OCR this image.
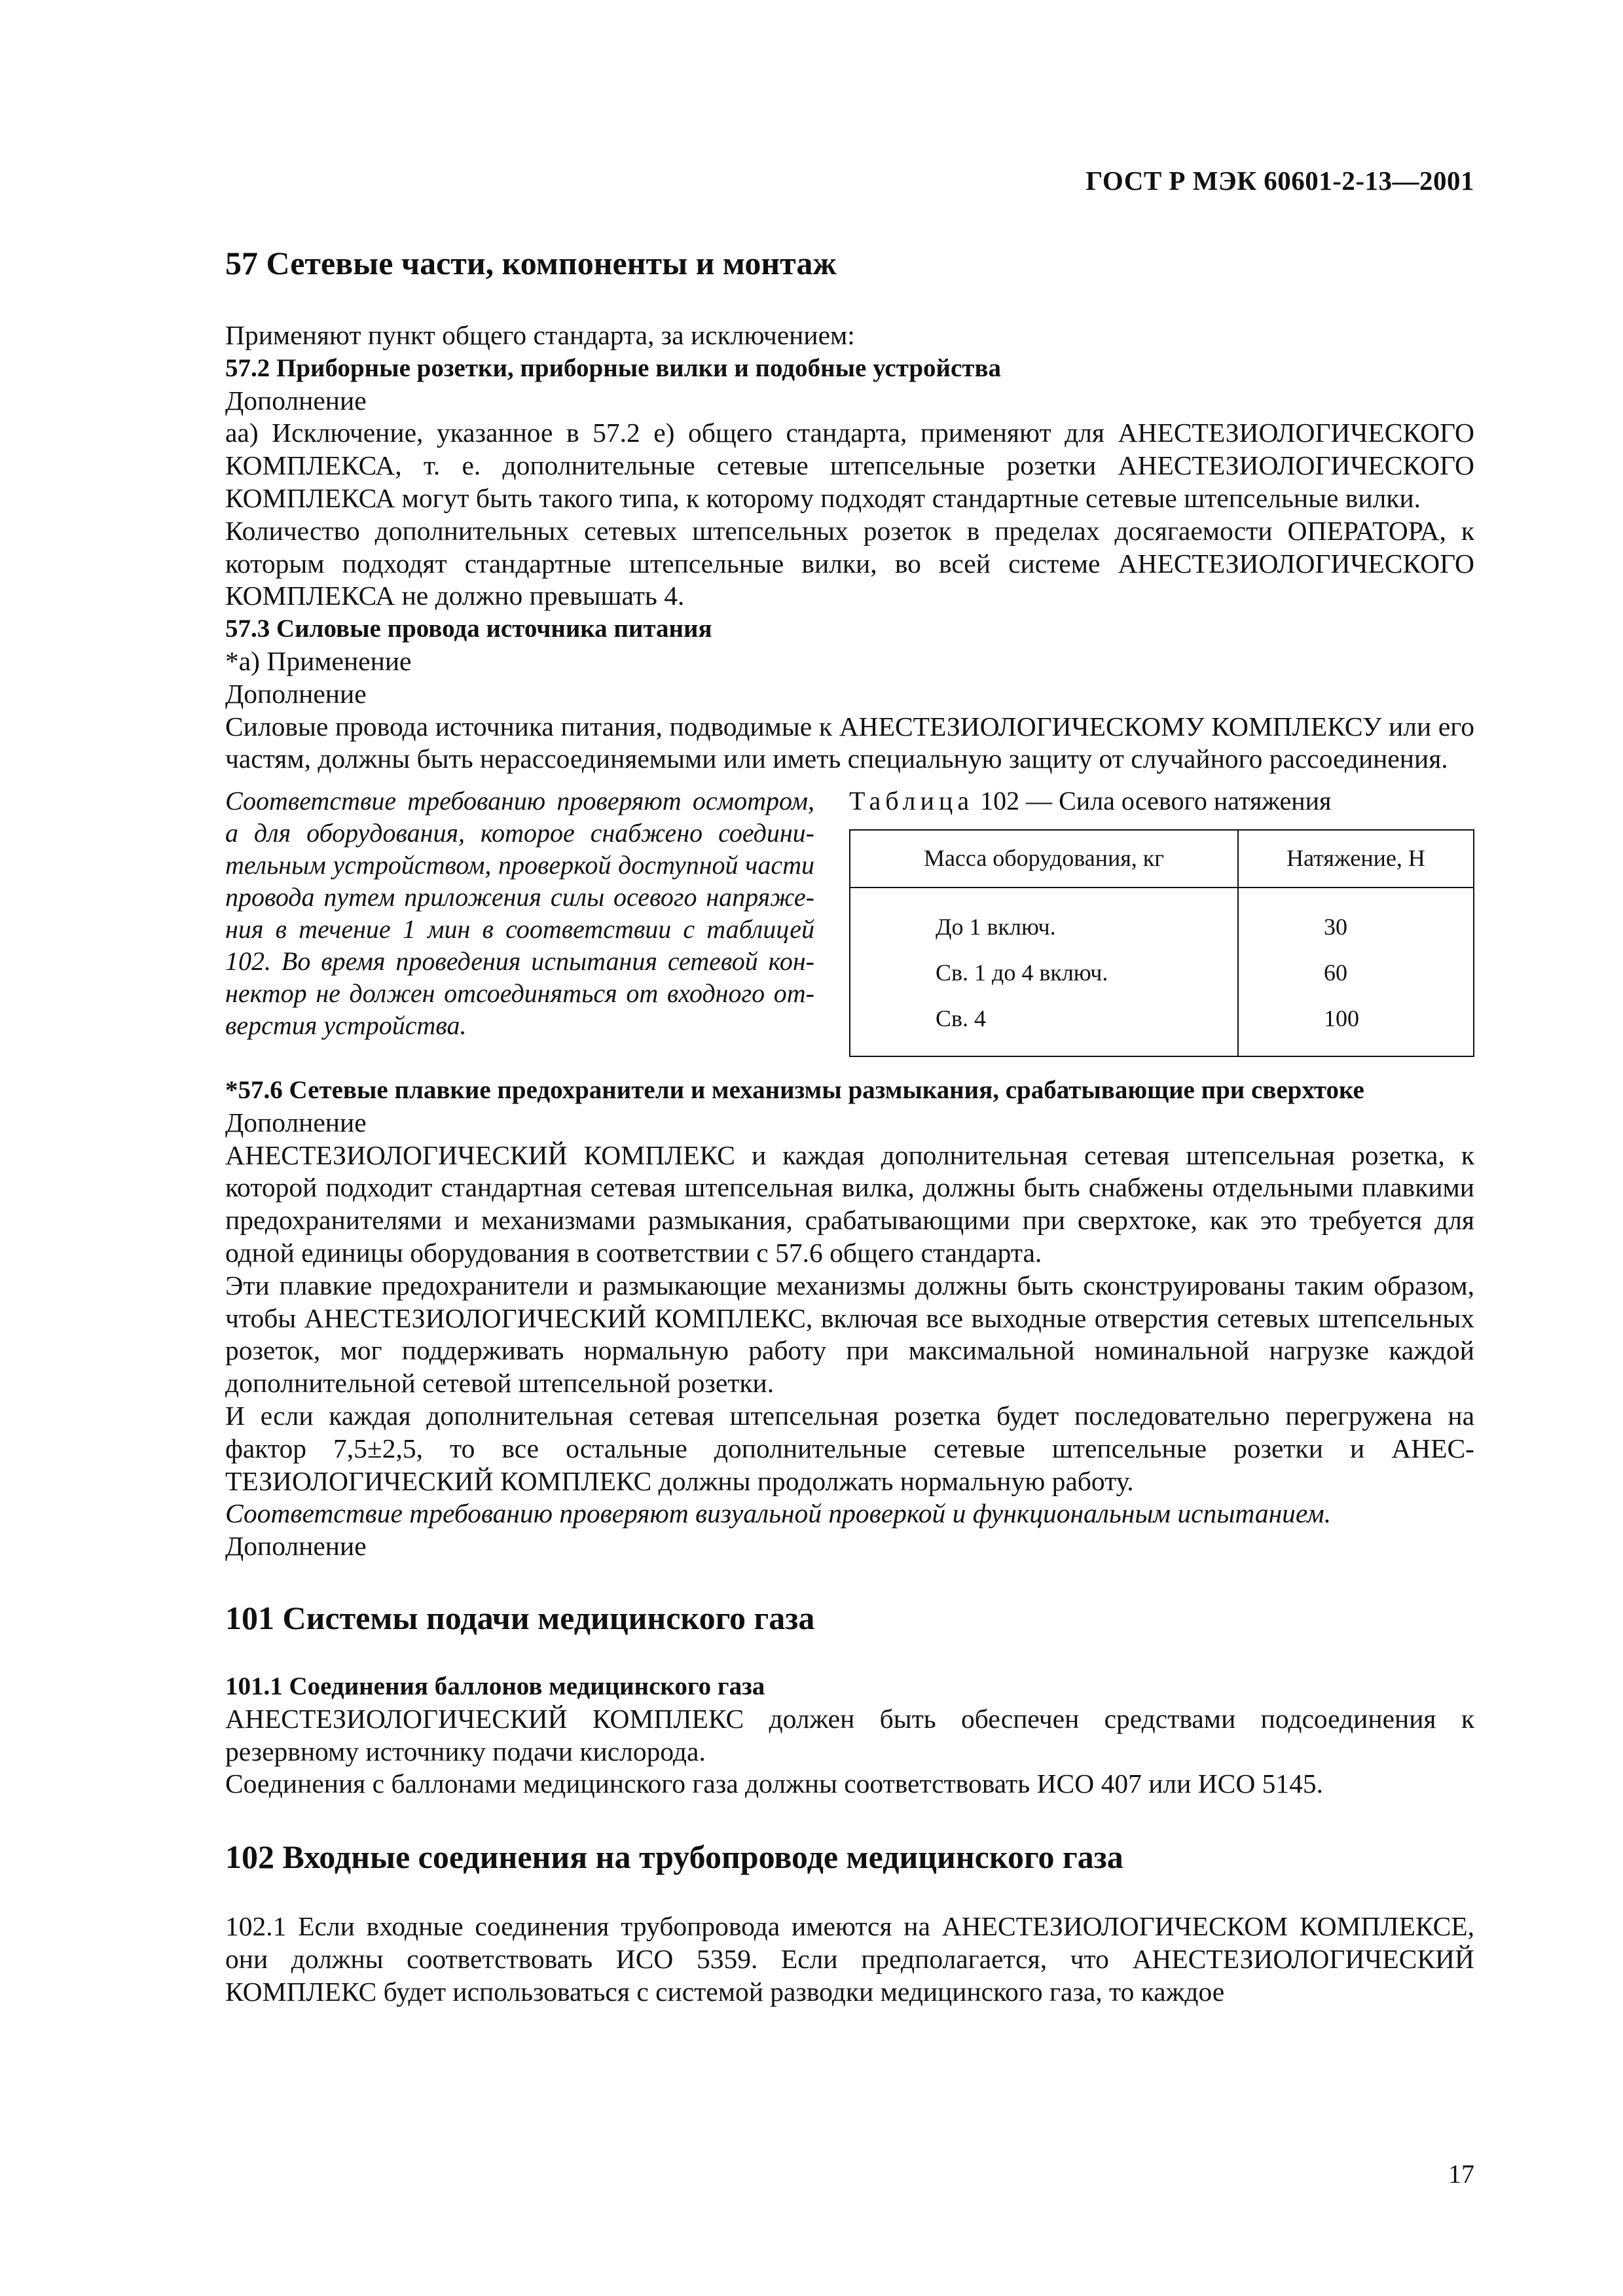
ГОСТ Р МЭК 60601-2-13—2001
57 Сетевые части, компоненты и монтаж

Применяют пункт общего стандарта, за исключением:

57.2 Приборные розетки, приборные вилки и подобные устройства

Дополнение

аа) Исключение, указанное в 57.2 е) общего стандарта, применяют для АНЕСТЕЗИОЛОГИЧЕСКОГО КОМПЛЕКСА, т. е. дополнительные сетевые штепсельные розетки АНЕСТЕЗИОЛОГИЧЕСКОГО КОМПЛЕКСА могут быть такого типа, к которому подходят стандартные сетевые штепсельные вилки.

Количество дополнительных сетевых штепсельных розеток в пределах досягаемости ОПЕРАТОРА, к которым подходят стандартные штепсельные вилки, во всей системе АНЕСТЕЗИОЛОГИЧЕСКОГО КОМПЛЕКСА не должно превышать 4.

57.3 Силовые провода источника питания

*а) Применение

Дополнение

Силовые провода источника питания, подводимые к АНЕСТЕЗИОЛОГИЧЕСКОМУ КОМПЛЕКСУ или его частям, должны быть нерассоединяемыми или иметь специальную защиту от случайного рассоединения.

Соответствие требованию проверяют осмотром, а для оборудования, которое снабжено соединительным устройством, проверкой доступной части провода путем приложения силы осевого напряжения в течение 1 мин в соответствии с таблицей 102. Во время проведения испытания сетевой коннектор не должен отсоединяться от входного отверстия устройства.

Таблица 102 — Сила осевого натяжения
Масса оборудования, кг	Натяжение, Н
До 1 включ.	30
Св. 1 до 4 включ.	60
Св. 4	100

*57.6 Сетевые плавкие предохранители и механизмы размыкания, срабатывающие при сверхтоке

Дополнение

АНЕСТЕЗИОЛОГИЧЕСКИЙ КОМПЛЕКС и каждая дополнительная сетевая штепсельная розетка, к которой подходит стандартная сетевая штепсельная вилка, должны быть снабжены отдельными плавкими предохранителями и механизмами размыкания, срабатывающими при сверхтоке, как это требуется для одной единицы оборудования в соответствии с 57.6 общего стандарта.

Эти плавкие предохранители и размыкающие механизмы должны быть сконструированы таким образом, чтобы АНЕСТЕЗИОЛОГИЧЕСКИЙ КОМПЛЕКС, включая все выходные отверстия сетевых штепсельных розеток, мог поддерживать нормальную работу при максимальной номинальной нагрузке каждой дополнительной сетевой штепсельной розетки.

И если каждая дополнительная сетевая штепсельная розетка будет последовательно перегружена на фактор 7,5±2,5, то все остальные дополнительные сетевые штепсельные розетки и АНЕСТЕЗИОЛОГИЧЕСКИЙ КОМПЛЕКС должны продолжать нормальную работу.

Соответствие требованию проверяют визуальной проверкой и функциональным испытанием.

Дополнение

101 Системы подачи медицинского газа

101.1 Соединения баллонов медицинского газа

АНЕСТЕЗИОЛОГИЧЕСКИЙ КОМПЛЕКС должен быть обеспечен средствами подсоединения к резервному источнику подачи кислорода.

Соединения с баллонами медицинского газа должны соответствовать ИСО 407 или ИСО 5145.

102 Входные соединения на трубопроводе медицинского газа

102.1 Если входные соединения трубопровода имеются на АНЕСТЕЗИОЛОГИЧЕСКОМ КОМПЛЕКСЕ, они должны соответствовать ИСО 5359. Если предполагается, что АНЕСТЕЗИОЛОГИЧЕСКИЙ КОМПЛЕКС будет использоваться с системой разводки медицинского газа, то каждое

17
